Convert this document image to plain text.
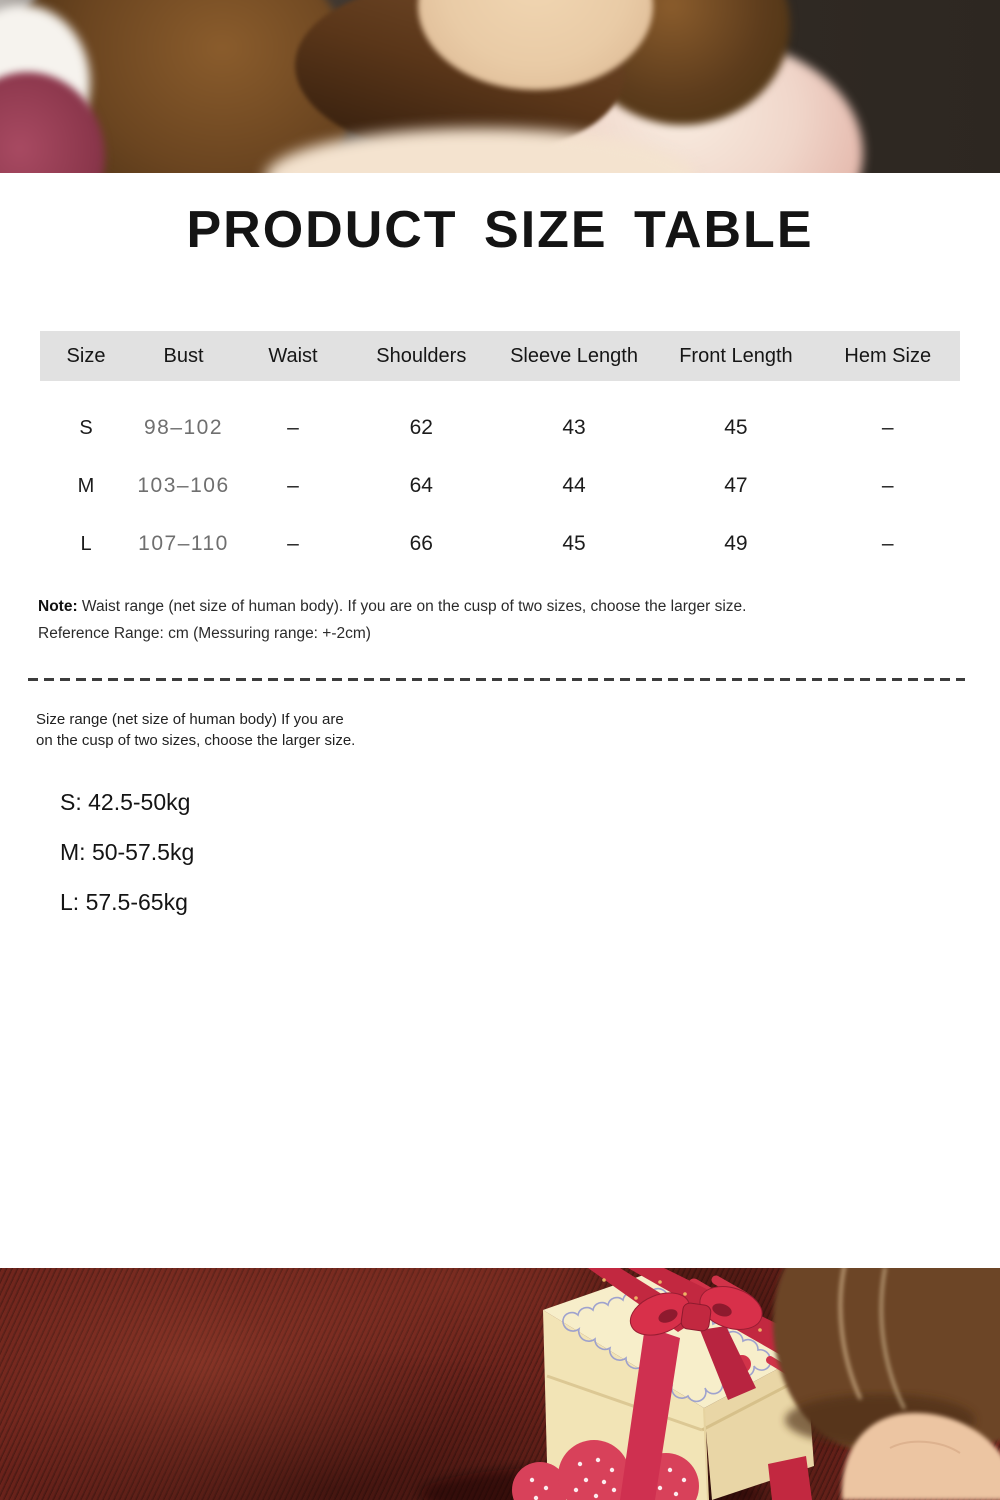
PRODUCT SIZE TABLE
Size	Bust	Waist	Shoulders	Sleeve Length	Front Length	Hem Size
S	98–102	–	62	43	45	–
M	103–106	–	64	44	47	–
L	107–110	–	66	45	49	–
Note: Waist range (net size of human body). If you are on the cusp of two sizes, choose the larger size.
Reference Range: cm (Messuring range: +-2cm)
Size range (net size of human body) If you are
on the cusp of two sizes, choose the larger size.
S: 42.5-50kg
M: 50-57.5kg
L: 57.5-65kg
